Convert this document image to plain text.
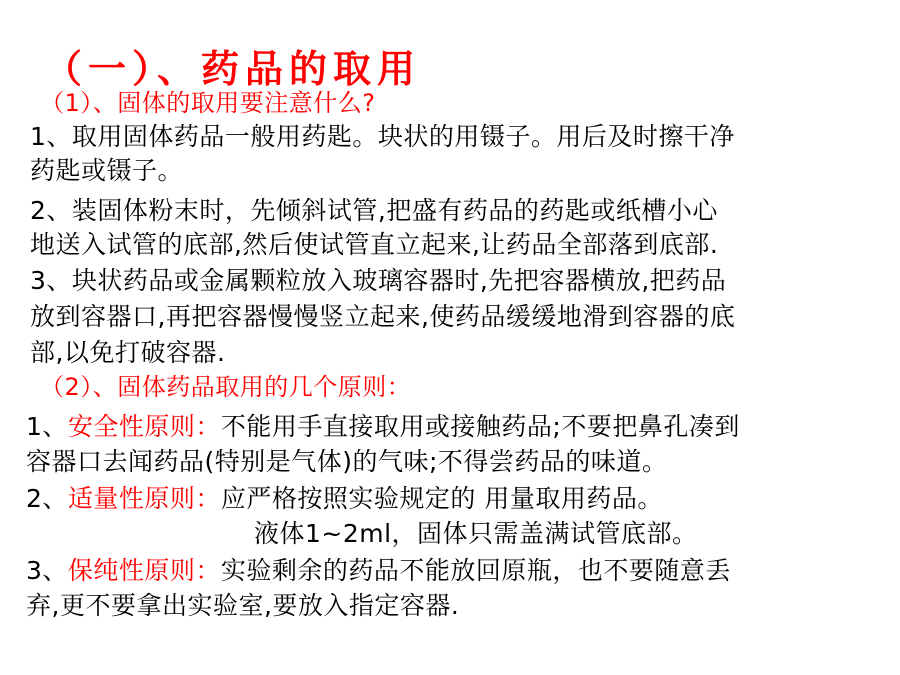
（一）、药品的取用
（1）、固体的取用要注意什么?
1、取用固体药品一般用药匙。块状的用镊子。用后及时擦干净
药匙或镊子。
2、装固体粉末时，先倾斜试管,把盛有药品的药匙或纸槽小心
地送入试管的底部,然后使试管直立起来,让药品全部落到底部.
3、块状药品或金属颗粒放入玻璃容器时,先把容器横放,把药品
放到容器口,再把容器慢慢竖立起来,使药品缓缓地滑到容器的底
部,以免打破容器.
（2）、固体药品取用的几个原则：
1、安全性原则：不能用手直接取用或接触药品;不要把鼻孔凑到
容器口去闻药品(特别是气体)的气味;不得尝药品的味道。
2、适量性原则：应严格按照实验规定的 用量取用药品。
液体1~2ml，固体只需盖满试管底部。
3、保纯性原则：实验剩余的药品不能放回原瓶，也不要随意丢
弃,更不要拿出实验室,要放入指定容器.
